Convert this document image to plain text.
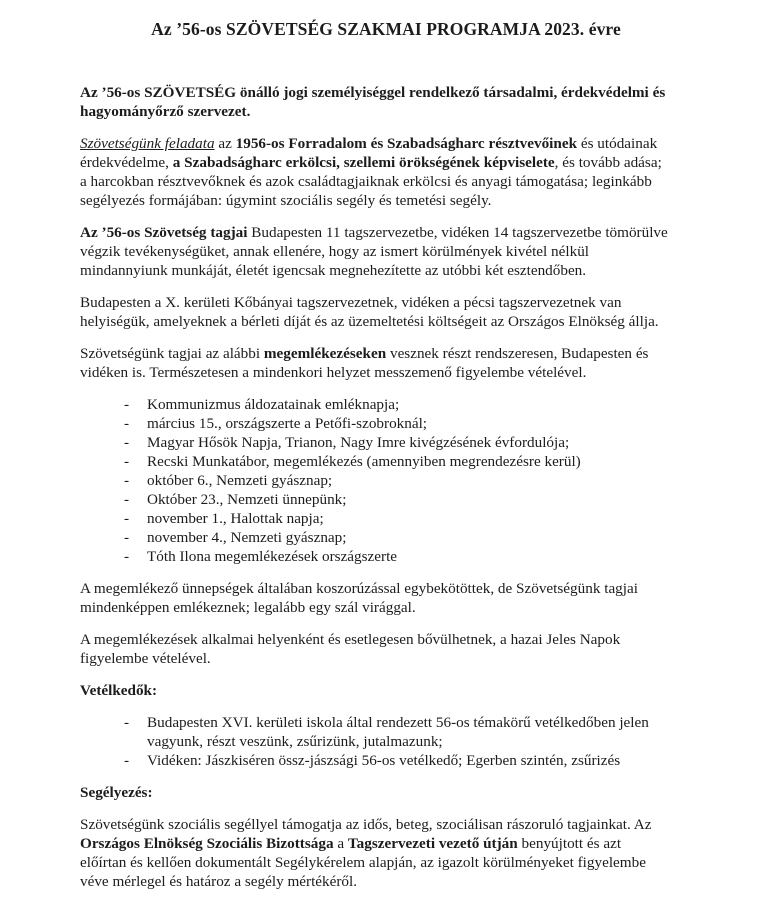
Az ’56-os SZÖVETSÉG SZAKMAI PROGRAMJA 2023. évre

Az ’56-os SZÖVETSÉG önálló jogi személyiséggel rendelkező társadalmi, érdekvédelmi és hagyományőrző szervezet.

Szövetségünk feladata az 1956-os Forradalom és Szabadságharc résztvevőinek és utódainak érdekvédelme, a Szabadságharc erkölcsi, szellemi örökségének képviselete, és tovább adása; a harcokban résztvevőknek és azok családtagjaiknak erkölcsi és anyagi támogatása; leginkább segélyezés formájában: úgymint szociális segély és temetési segély.

Az ’56-os Szövetség tagjai Budapesten 11 tagszervezetbe, vidéken 14 tagszervezetbe tömörülve végzik tevékenységüket, annak ellenére, hogy az ismert körülmények kivétel nélkül mindannyiunk munkáját, életét igencsak megnehezítette az utóbbi két esztendőben.

Budapesten a X. kerületi Kőbányai tagszervezetnek, vidéken a pécsi tagszervezetnek van helyiségük, amelyeknek a bérleti díját és az üzemeltetési költségeit az Országos Elnökség állja.

Szövetségünk tagjai az alábbi megemlékezéseken vesznek részt rendszeresen, Budapesten és vidéken is. Természetesen a mindenkori helyzet messzemenő figyelembe vételével.

- Kommunizmus áldozatainak emléknapja;
- március 15., országszerte a Petőfi-szobroknál;
- Magyar Hősök Napja, Trianon, Nagy Imre kivégzésének évfordulója;
- Recski Munkatábor, megemlékezés (amennyiben megrendezésre kerül)
- október 6., Nemzeti gyásznap;
- Október 23., Nemzeti ünnepünk;
- november 1., Halottak napja;
- november 4., Nemzeti gyásznap;
- Tóth Ilona megemlékezések országszerte

A megemlékező ünnepségek általában koszorúzással egybekötöttek, de Szövetségünk tagjai mindenképpen emlékeznek; legalább egy szál virággal.

A megemlékezések alkalmai helyenként és esetlegesen bővülhetnek, a hazai Jeles Napok figyelembe vételével.

Vetélkedők:

- Budapesten XVI. kerületi iskola által rendezett 56-os témakörű vetélkedőben jelen vagyunk, részt veszünk, zsűrizünk, jutalmazunk;
- Vidéken: Jászkiséren össz-jászsági 56-os vetélkedő; Egerben szintén, zsűrizés

Segélyezés:

Szövetségünk szociális segéllyel támogatja az idős, beteg, szociálisan rászoruló tagjainkat. Az Országos Elnökség Szociális Bizottsága a Tagszervezeti vezető útján benyújtott és azt előírtan és kellően dokumentált Segélykérelem alapján, az igazolt körülményeket figyelembe véve mérlegel és határoz a segély mértékéről.
